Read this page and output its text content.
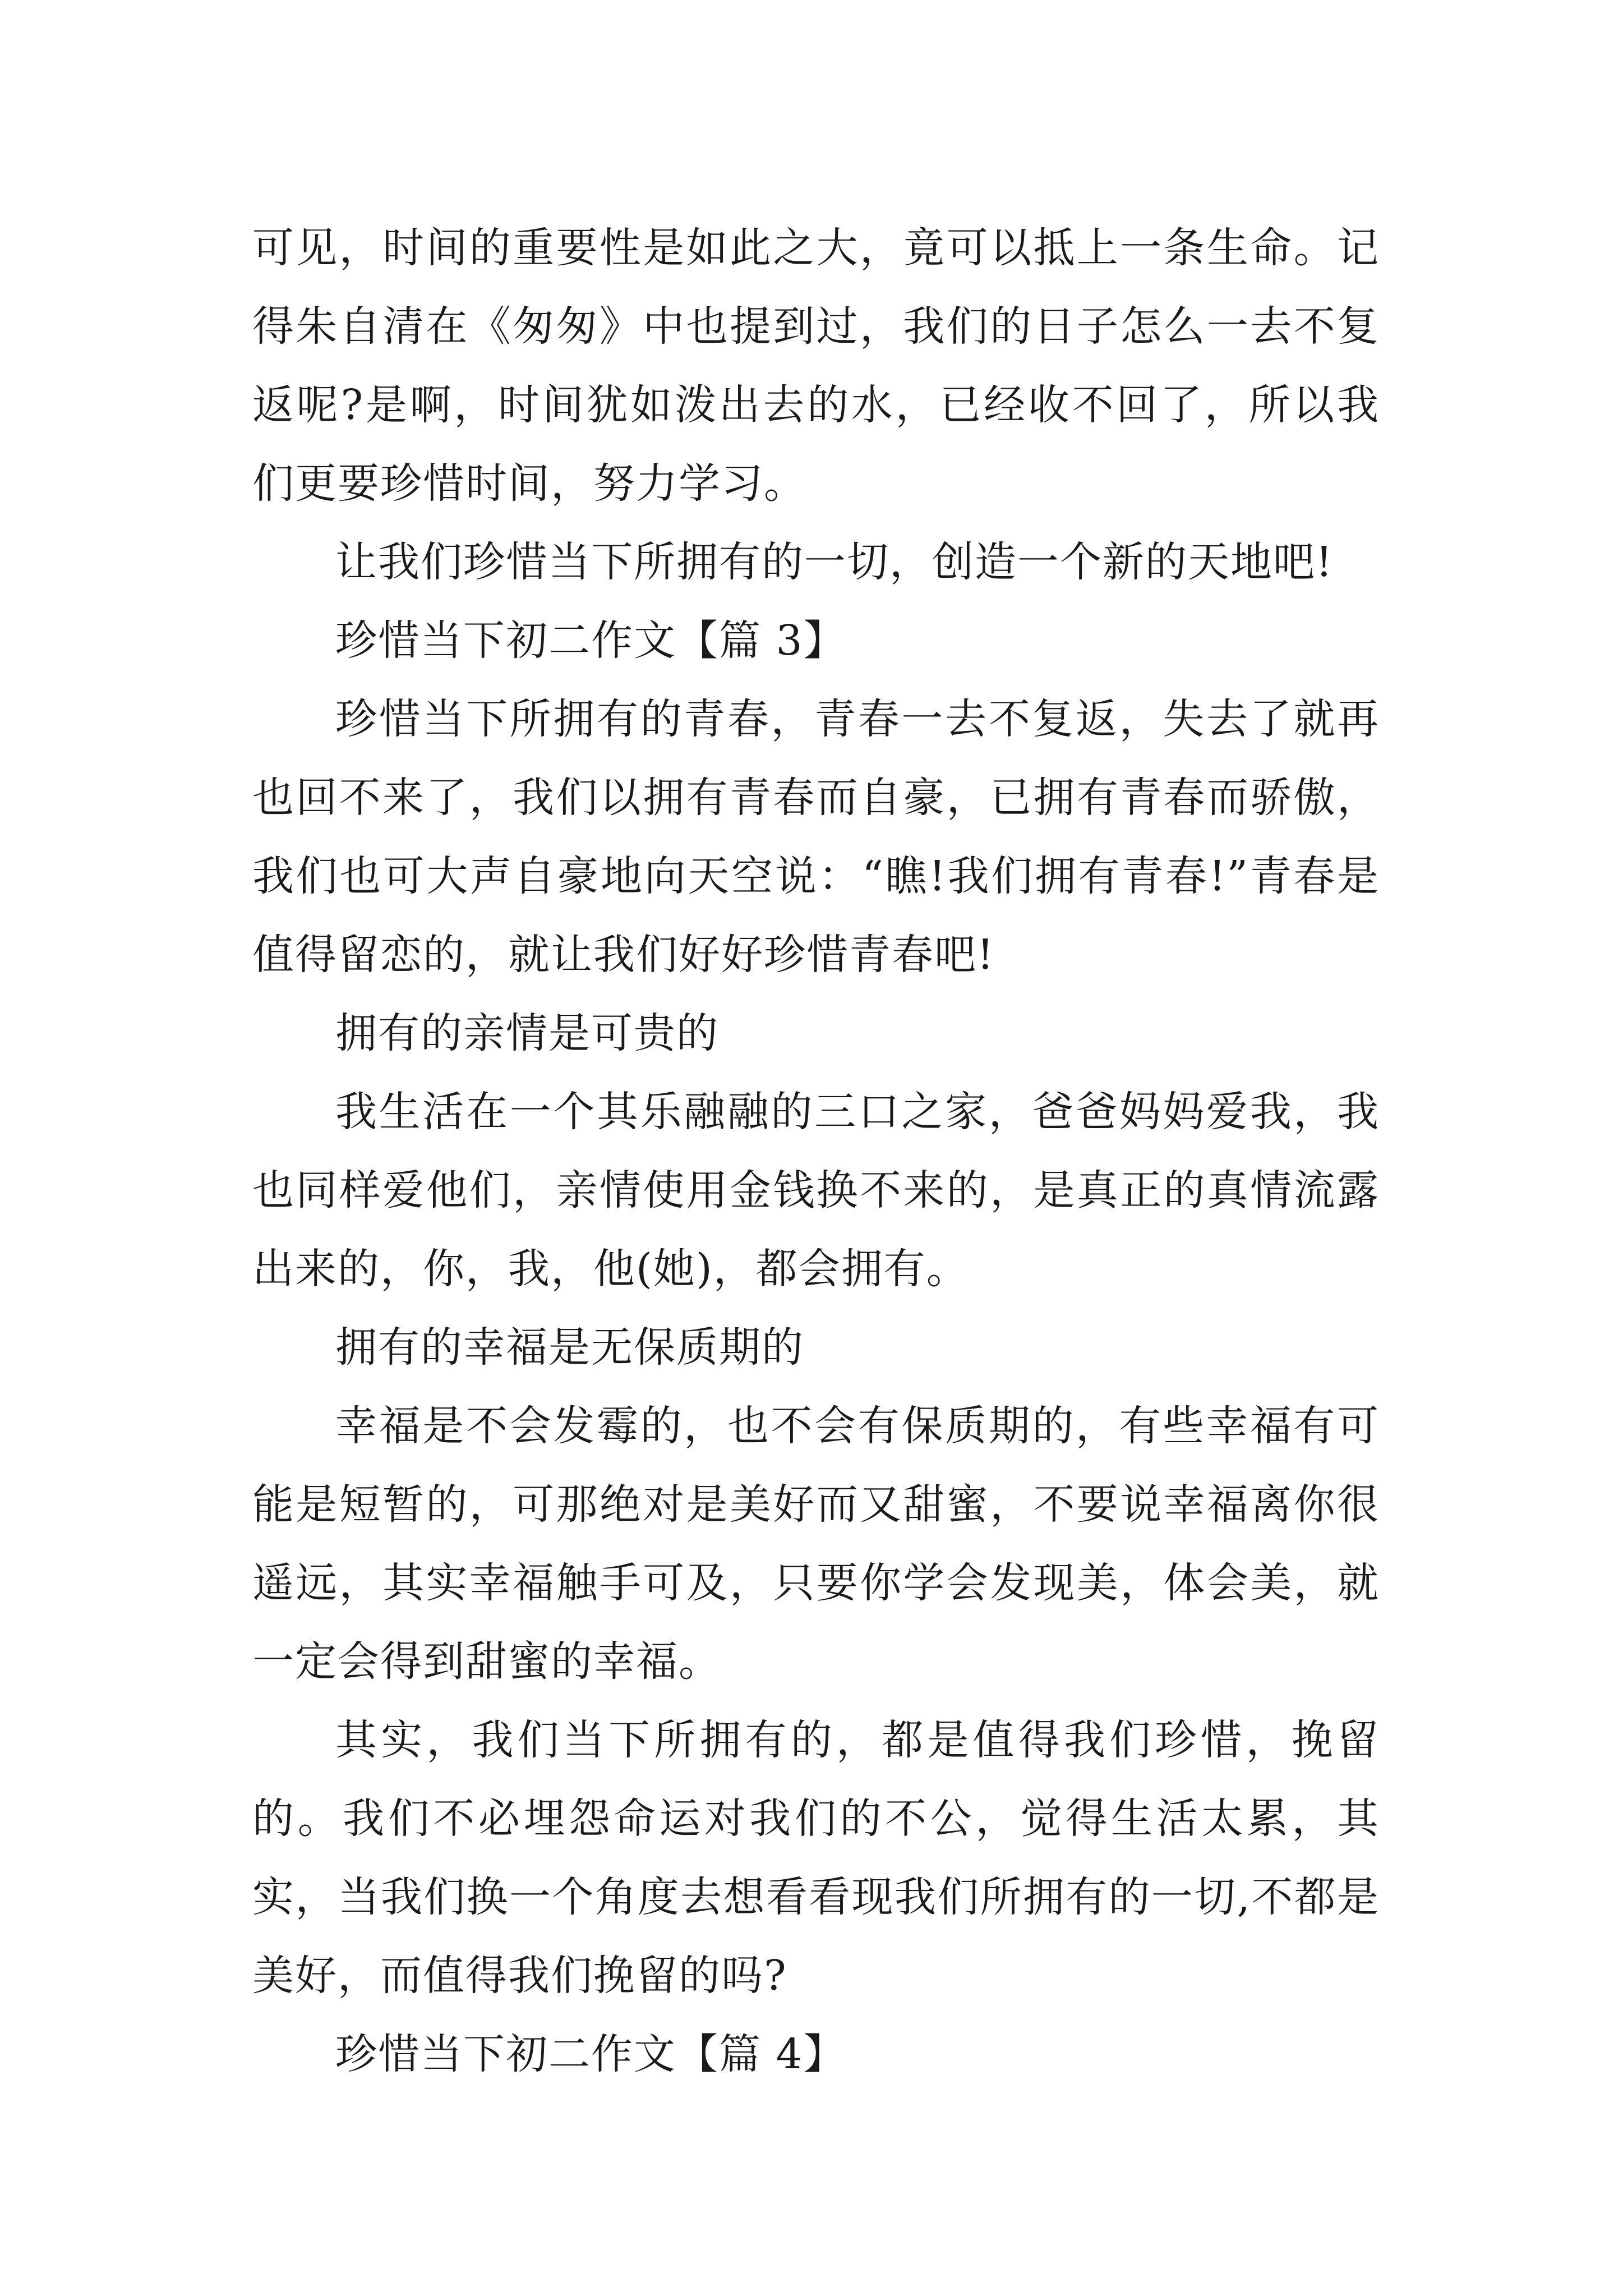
可见，时间的重要性是如此之大，竟可以抵上一条生命。记得朱自清在《匆匆》中也提到过，我们的日子怎么一去不复返呢?是啊，时间犹如泼出去的水，已经收不回了，所以我们更要珍惜时间，努力学习。

让我们珍惜当下所拥有的一切，创造一个新的天地吧!

珍惜当下初二作文【篇 3】

珍惜当下所拥有的青春，青春一去不复返，失去了就再也回不来了，我们以拥有青春而自豪，已拥有青春而骄傲，我们也可大声自豪地向天空说：“瞧!我们拥有青春!”青春是值得留恋的，就让我们好好珍惜青春吧!

拥有的亲情是可贵的

我生活在一个其乐融融的三口之家，爸爸妈妈爱我，我也同样爱他们，亲情使用金钱换不来的，是真正的真情流露出来的，你，我，他(她)，都会拥有。

拥有的幸福是无保质期的

幸福是不会发霉的，也不会有保质期的，有些幸福有可能是短暂的，可那绝对是美好而又甜蜜，不要说幸福离你很遥远，其实幸福触手可及，只要你学会发现美，体会美，就一定会得到甜蜜的幸福。

其实，我们当下所拥有的，都是值得我们珍惜，挽留的。我们不必埋怨命运对我们的不公，觉得生活太累，其实，当我们换一个角度去想看看现我们所拥有的一切,不都是美好，而值得我们挽留的吗?

珍惜当下初二作文【篇 4】
